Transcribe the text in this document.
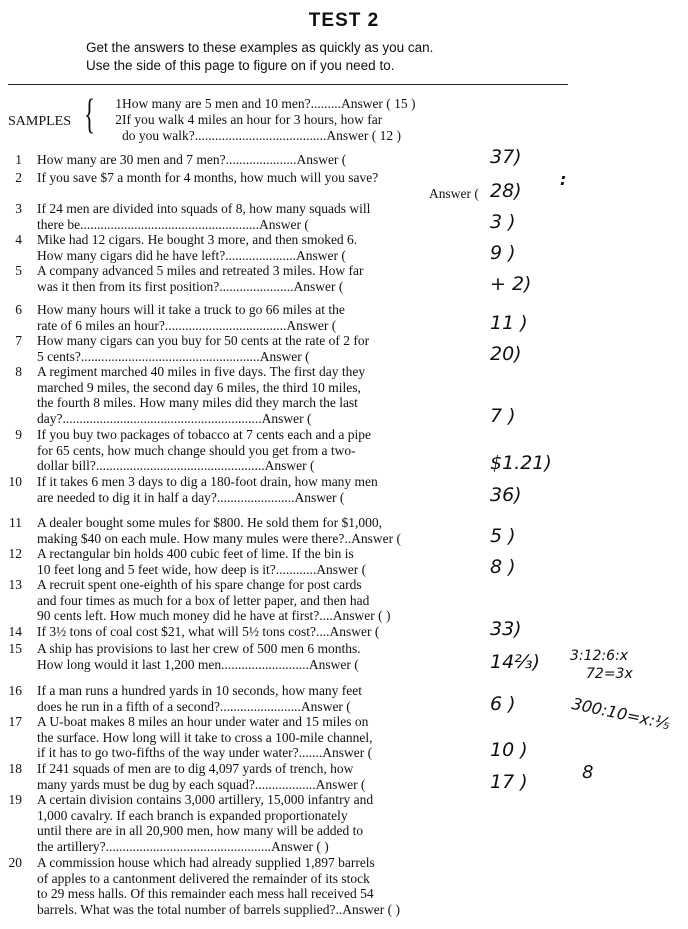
TEST 2
Get the answers to these examples as quickly as you can.
Use the side of this page to figure on if you need to.
SAMPLES {	1 How many are 5 men and 10 men?.........Answer ( 15 )
2 If you walk 4 miles an hour for 3 hours, how far
do you walk?.......................................Answer ( 12 )
1 How many are 30 men and 7 men?.....................Answer (
2 If you save $7 a month for 4 months, how much will you save?
Answer (
3 If 24 men are divided into squads of 8, how many squads will
there be.....................................................Answer (
4 Mike had 12 cigars. He bought 3 more, and then smoked 6.
How many cigars did he have left?.....................Answer (
5 A company advanced 5 miles and retreated 3 miles. How far
was it then from its first position?......................Answer (
6 How many hours will it take a truck to go 66 miles at the
rate of 6 miles an hour?....................................Answer (
7 How many cigars can you buy for 50 cents at the rate of 2 for
5 cents?.....................................................Answer (
8 A regiment marched 40 miles in five days. The first day they
marched 9 miles, the second day 6 miles, the third 10 miles,
the fourth 8 miles. How many miles did they march the last
day?...........................................................Answer (
9 If you buy two packages of tobacco at 7 cents each and a pipe
for 65 cents, how much change should you get from a two-
dollar bill?..................................................Answer (
10 If it takes 6 men 3 days to dig a 180-foot drain, how many men
are needed to dig it in half a day?.......................Answer (
11 A dealer bought some mules for $800. He sold them for $1,000,
making $40 on each mule. How many mules were there?..Answer (
12 A rectangular bin holds 400 cubic feet of lime. If the bin is
10 feet long and 5 feet wide, how deep is it?............Answer (
13 A recruit spent one-eighth of his spare change for post cards
and four times as much for a box of letter paper, and then had
90 cents left. How much money did he have at first?....Answer ( )
14 If 3½ tons of coal cost $21, what will 5½ tons cost?....Answer (
15 A ship has provisions to last her crew of 500 men 6 months.
How long would it last 1,200 men..........................Answer (
16 If a man runs a hundred yards in 10 seconds, how many feet
does he run in a fifth of a second?........................Answer (
17 A U-boat makes 8 miles an hour under water and 15 miles on
the surface. How long will it take to cross a 100-mile channel,
if it has to go two-fifths of the way under water?.......Answer (
18 If 241 squads of men are to dig 4,097 yards of trench, how
many yards must be dug by each squad?..................Answer (
19 A certain division contains 3,000 artillery, 15,000 infantry and
1,000 cavalry. If each branch is expanded proportionately
until there are in all 20,900 men, how many will be added to
the artillery?.................................................Answer ( )
20 A commission house which had already supplied 1,897 barrels
of apples to a cantonment delivered the remainder of its stock
to 29 mess halls. Of this remainder each mess hall received 54
barrels. What was the total number of barrels supplied?..Answer ( )
37)
28)
3 )
9 )
+ 2)
11 )
20)
7 )
$1.21)
36)
5 )
8 )
33)
14⅔)
6 )
10 )
17 )
3:12:6:x
72=3x
300:10=x:⅕
8
:
